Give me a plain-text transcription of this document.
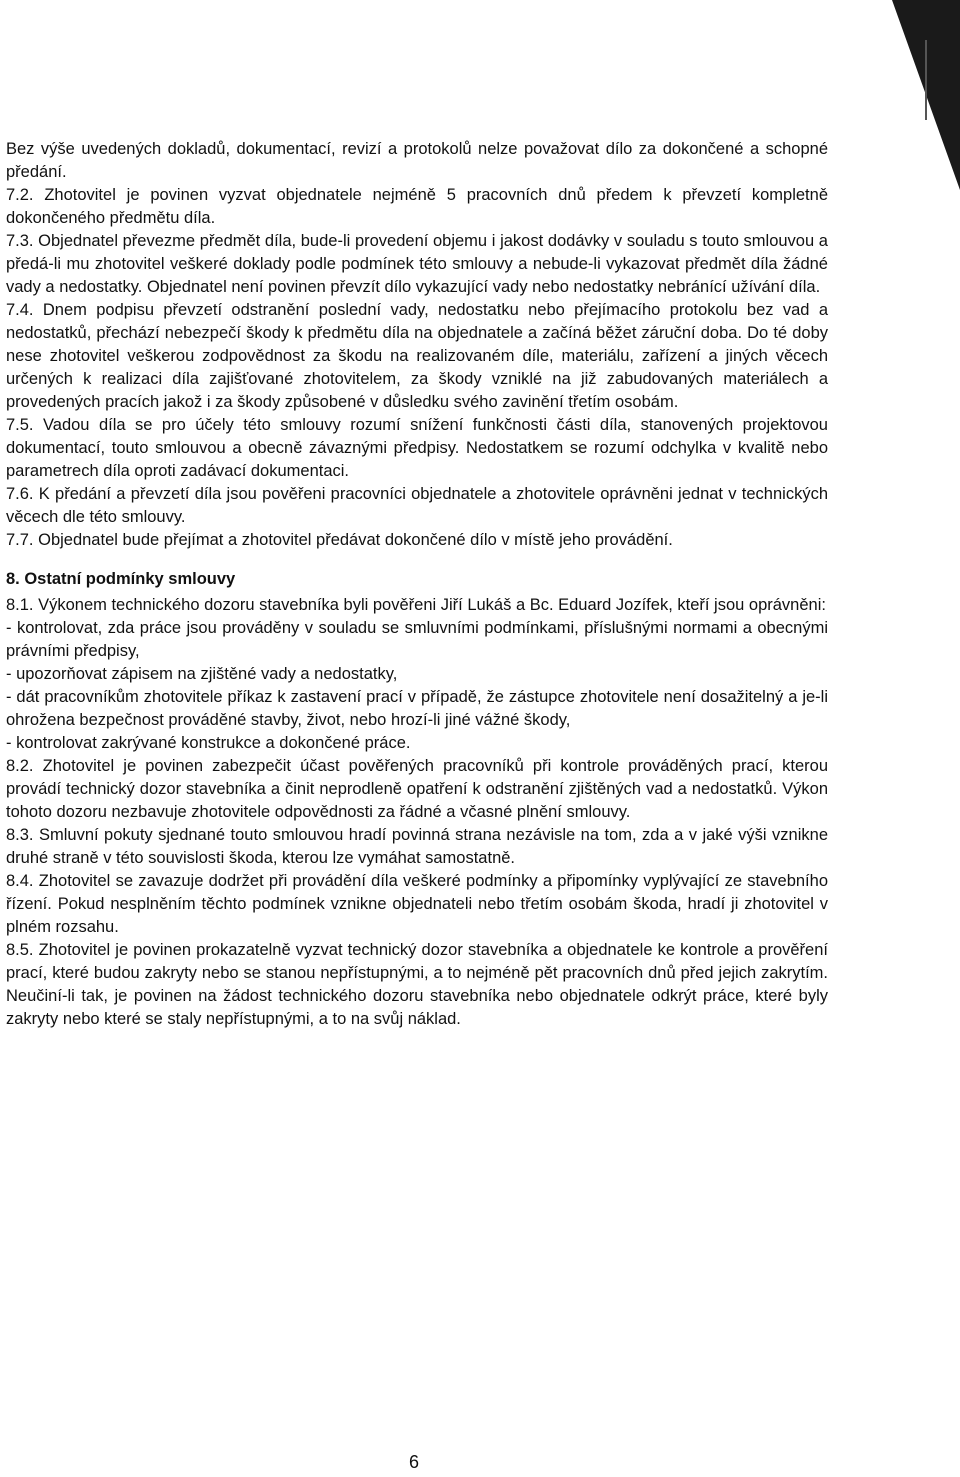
Bez výše uvedených dokladů, dokumentací, revizí a protokolů nelze považovat dílo za dokončené a schopné předání.

7.2. Zhotovitel je povinen vyzvat objednatele nejméně 5 pracovních dnů předem k převzetí kompletně dokončeného předmětu díla.

7.3. Objednatel převezme předmět díla, bude-li provedení objemu i jakost dodávky v souladu s touto smlouvou a předá-li mu zhotovitel veškeré doklady podle podmínek této smlouvy a nebude-li vykazovat předmět díla žádné vady a nedostatky. Objednatel není povinen převzít dílo vykazující vady nebo nedostatky nebránící užívání díla.

7.4. Dnem podpisu převzetí odstranění poslední vady, nedostatku nebo přejímacího protokolu bez vad a nedostatků, přechází nebezpečí škody k předmětu díla na objednatele a začíná běžet záruční doba. Do té doby nese zhotovitel veškerou zodpovědnost za škodu na realizovaném díle, materiálu, zařízení a jiných věcech určených k realizaci díla zajišťované zhotovitelem, za škody vzniklé na již zabudovaných materiálech a provedených pracích jakož i za škody způsobené v důsledku svého zavinění třetím osobám.

7.5. Vadou díla se pro účely této smlouvy rozumí snížení funkčnosti části díla, stanovených projektovou dokumentací, touto smlouvou a obecně závaznými předpisy. Nedostatkem se rozumí odchylka v kvalitě nebo parametrech díla oproti zadávací dokumentaci.

7.6. K předání a převzetí díla jsou pověřeni pracovníci objednatele a zhotovitele oprávněni jednat v technických věcech dle této smlouvy.

7.7. Objednatel bude přejímat a zhotovitel předávat dokončené dílo v místě jeho provádění.

8. Ostatní podmínky smlouvy

8.1. Výkonem technického dozoru stavebníka byli pověřeni Jiří Lukáš a Bc. Eduard Jozífek, kteří jsou oprávněni:

- kontrolovat, zda práce jsou prováděny v souladu se smluvními podmínkami, příslušnými normami a obecnými právními předpisy,

- upozorňovat zápisem na zjištěné vady a nedostatky,

- dát pracovníkům zhotovitele příkaz k zastavení prací v případě, že zástupce zhotovitele není dosažitelný a je-li ohrožena bezpečnost prováděné stavby, život, nebo hrozí-li jiné vážné škody,

- kontrolovat zakrývané konstrukce a dokončené práce.

8.2. Zhotovitel je povinen zabezpečit účast pověřených pracovníků při kontrole prováděných prací, kterou provádí technický dozor stavebníka a činit neprodleně opatření k odstranění zjištěných vad a nedostatků. Výkon tohoto dozoru nezbavuje zhotovitele odpovědnosti za řádné a včasné plnění smlouvy.

8.3. Smluvní pokuty sjednané touto smlouvou hradí povinná strana nezávisle na tom, zda a v jaké výši vznikne druhé straně v této souvislosti škoda, kterou lze vymáhat samostatně.

8.4. Zhotovitel se zavazuje dodržet při provádění díla veškeré podmínky a připomínky vyplývající ze stavebního řízení. Pokud nesplněním těchto podmínek vznikne objednateli nebo třetím osobám škoda, hradí ji zhotovitel v plném rozsahu.

8.5. Zhotovitel je povinen prokazatelně vyzvat technický dozor stavebníka a objednatele ke kontrole a prověření prací, které budou zakryty nebo se stanou nepřístupnými, a to nejméně pět pracovních dnů před jejich zakrytím. Neučiní-li tak, je povinen na žádost technického dozoru stavebníka nebo objednatele odkrýt práce, které byly zakryty nebo které se staly nepřístupnými, a to na svůj náklad.

6
